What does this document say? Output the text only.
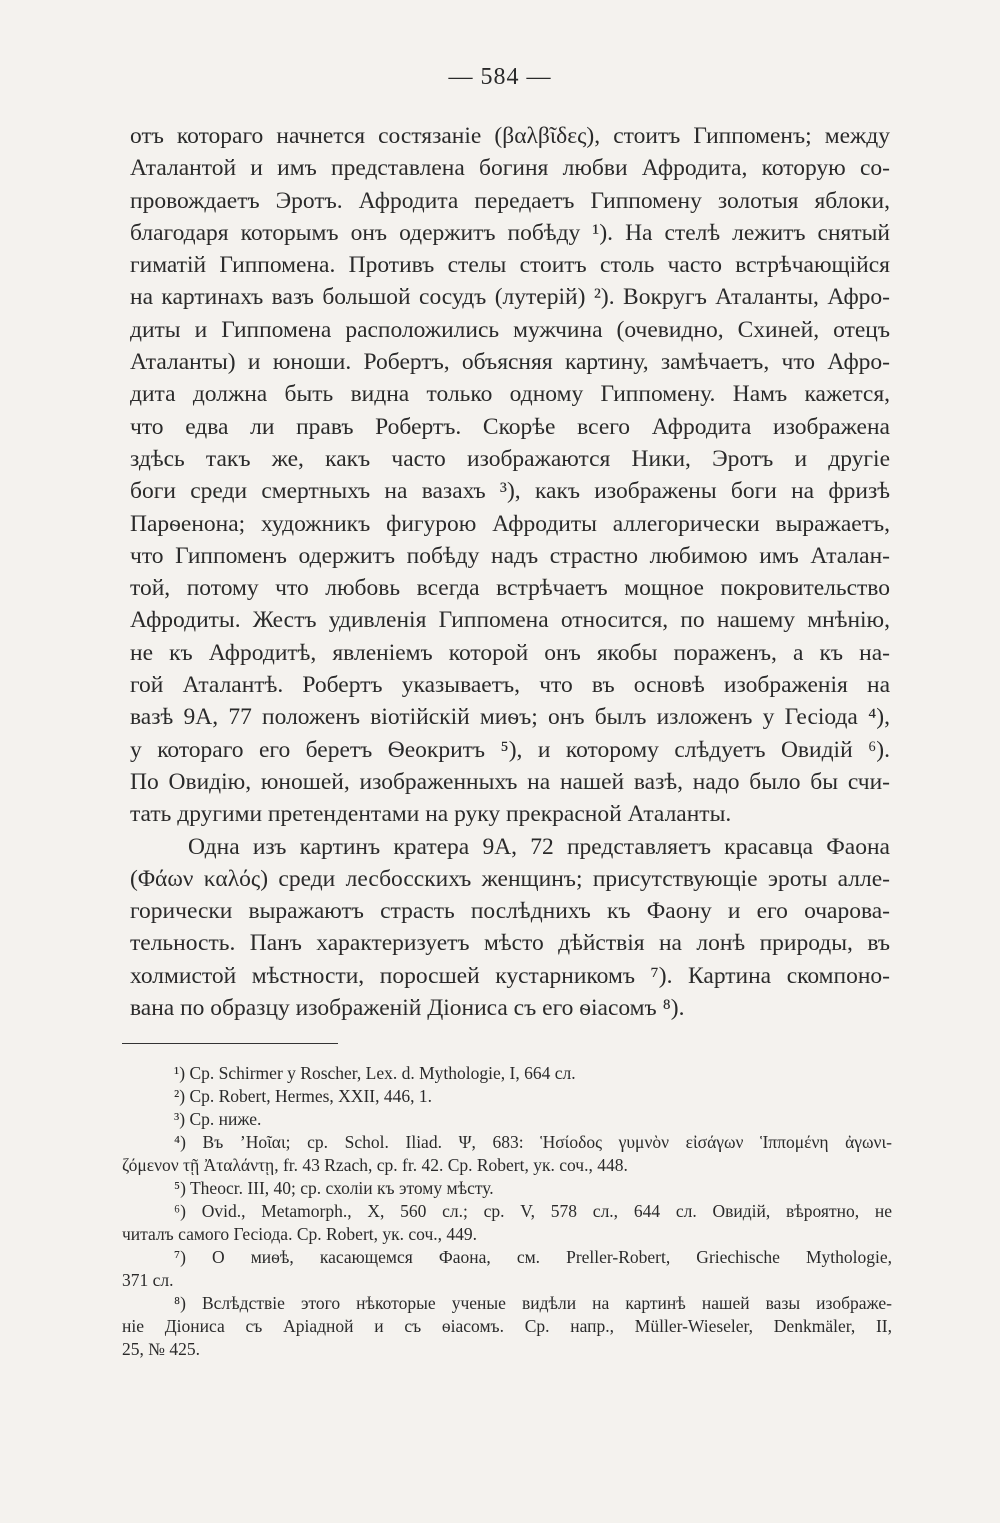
— 584 —
отъ котораго начнется состязаніе (βαλβῖδες), стоитъ Гиппоменъ; между
Аталантой и имъ представлена богиня любви Афродита, которую со-
провождаетъ Эротъ. Афродита передаетъ Гиппомену золотыя яблоки,
благодаря которымъ онъ одержитъ побѣду ¹). На стелѣ лежитъ снятый
гиматій Гиппомена. Противъ стелы стоитъ столь часто встрѣчающійся
на картинахъ вазъ большой сосудъ (лутерій) ²). Вокругъ Аталанты, Афро-
диты и Гиппомена расположились мужчина (очевидно, Схиней, отецъ
Аталанты) и юноши. Робертъ, объясняя картину, замѣчаетъ, что Афро-
дита должна быть видна только одному Гиппомену. Намъ кажется,
что едва ли правъ Робертъ. Скорѣе всего Афродита изображена
здѣсь такъ же, какъ часто изображаются Ники, Эротъ и другіе
боги среди смертныхъ на вазахъ ³), какъ изображены боги на фризѣ
Парѳенона; художникъ фигурою Афродиты аллегорически выражаетъ,
что Гиппоменъ одержитъ побѣду надъ страстно любимою имъ Аталан-
той, потому что любовь всегда встрѣчаетъ мощное покровительство
Афродиты. Жестъ удивленія Гиппомена относится, по нашему мнѣнію,
не къ Афродитѣ, явленіемъ которой онъ якобы пораженъ, а къ на-
гой Аталантѣ. Робертъ указываетъ, что въ основѣ изображенія на
вазѣ 9A, 77 положенъ віотійскій миѳъ; онъ былъ изложенъ у Гесіода ⁴),
у котораго его беретъ Ѳеокритъ ⁵), и которому слѣдуетъ Овидій ⁶).
По Овидію, юношей, изображенныхъ на нашей вазѣ, надо было бы счи-
тать другими претендентами на руку прекрасной Аталанты.
Одна изъ картинъ кратера 9A, 72 представляетъ красавца Фаона
(Φάων καλός) среди лесбосскихъ женщинъ; присутствующіе эроты алле-
горически выражаютъ страсть послѣднихъ къ Фаону и его очарова-
тельность. Панъ характеризуетъ мѣсто дѣйствія на лонѣ природы, въ
холмистой мѣстности, поросшей кустарникомъ ⁷). Картина скомпоно-
вана по образцу изображеній Діониса съ его ѳіасомъ ⁸).
¹) Ср. Schirmer у Roscher, Lex. d. Mythologie, I, 664 сл.
²) Ср. Robert, Hermes, XXII, 446, 1.
³) Ср. ниже.
⁴) Въ ʼΗοῖαι; ср. Schol. Iliad. Ψ, 683: Ἡσίοδος γυμνὸν εἰσάγων Ἱππομένη ἀγωνι-
ζόμενον τῇ Ἀταλάντῃ, fr. 43 Rzach, ср. fr. 42. Ср. Robert, ук. соч., 448.
⁵) Theocr. III, 40; ср. схоліи къ этому мѣсту.
⁶) Ovid., Metamorph., X, 560 сл.; ср. V, 578 сл., 644 сл. Овидій, вѣроятно, не
читалъ самого Гесіода. Ср. Robert, ук. соч., 449.
⁷) О миѳѣ, касающемся Фаона, см. Preller-Robert, Griechische Mythologie,
371 сл.
⁸) Вслѣдствіе этого нѣкоторые ученые видѣли на картинѣ нашей вазы изображе-
ніе Діониса съ Аріадной и съ ѳіасомъ. Ср. напр., Müller-Wieseler, Denkmäler, II,
25, № 425.
